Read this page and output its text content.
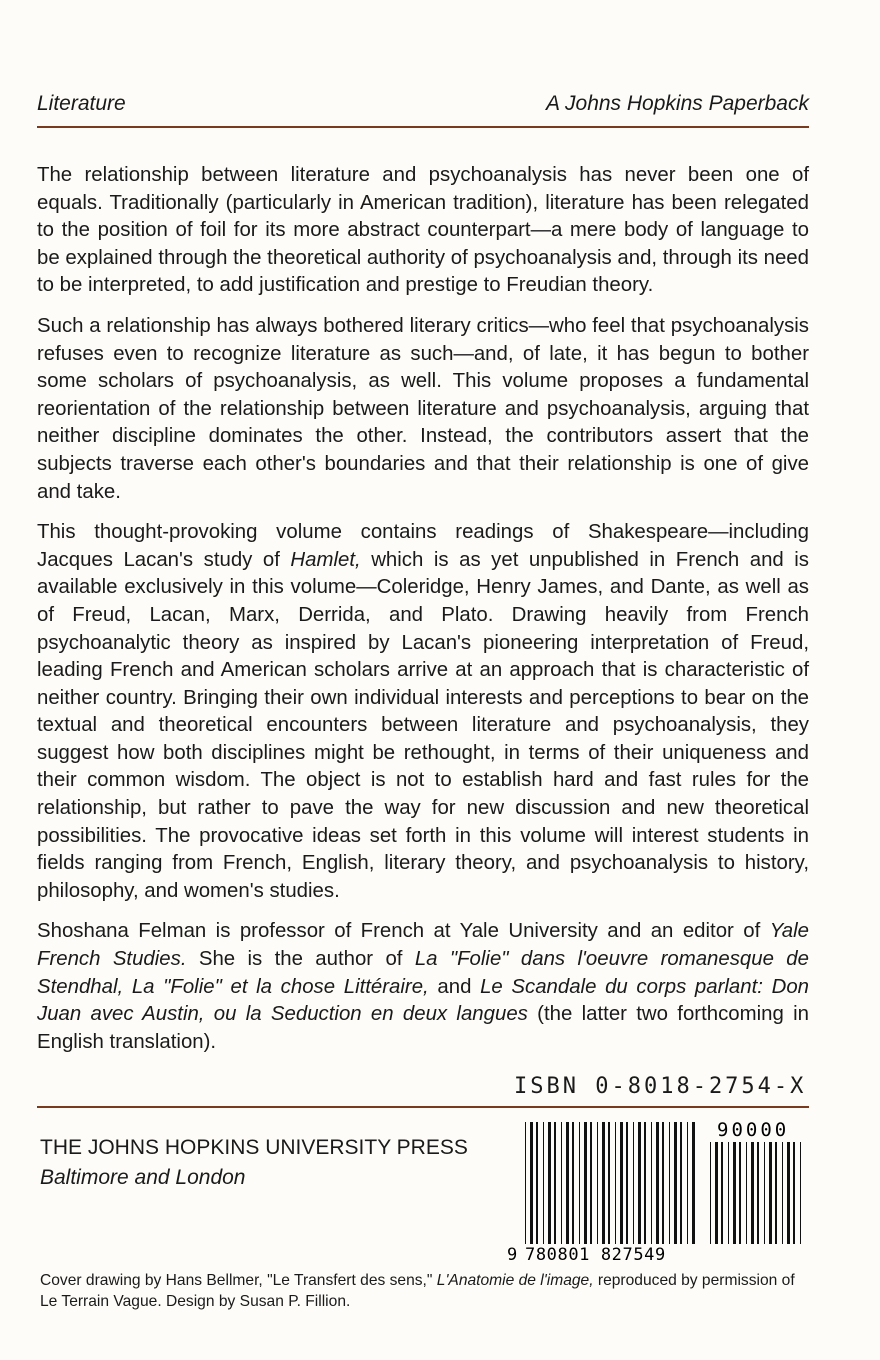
Literature	A Johns Hopkins Paperback

The relationship between literature and psychoanalysis has never been one of equals. Traditionally (particularly in American tradition), literature has been relegated to the position of foil for its more abstract counterpart—a mere body of language to be explained through the theoretical authority of psychoanalysis and, through its need to be interpreted, to add justification and prestige to Freudian theory.

Such a relationship has always bothered literary critics—who feel that psychoanalysis refuses even to recognize literature as such—and, of late, it has begun to bother some scholars of psychoanalysis, as well. This volume proposes a fundamental reorientation of the relationship between literature and psychoanalysis, arguing that neither discipline dominates the other. Instead, the contributors assert that the subjects traverse each other's boundaries and that their relationship is one of give and take.

This thought-provoking volume contains readings of Shakespeare—including Jacques Lacan's study of Hamlet, which is as yet unpublished in French and is available exclusively in this volume—Coleridge, Henry James, and Dante, as well as of Freud, Lacan, Marx, Derrida, and Plato. Drawing heavily from French psychoanalytic theory as inspired by Lacan's pioneering interpretation of Freud, leading French and American scholars arrive at an approach that is characteristic of neither country. Bringing their own individual interests and perceptions to bear on the textual and theoretical encounters between literature and psychoanalysis, they suggest how both disciplines might be rethought, in terms of their uniqueness and their common wisdom. The object is not to establish hard and fast rules for the relationship, but rather to pave the way for new discussion and new theoretical possibilities. The provocative ideas set forth in this volume will interest students in fields ranging from French, English, literary theory, and psychoanalysis to history, philosophy, and women's studies.

Shoshana Felman is professor of French at Yale University and an editor of Yale French Studies. She is the author of La "Folie" dans l'oeuvre romanesque de Stendhal, La "Folie" et la chose Littéraire, and Le Scandale du corps parlant: Don Juan avec Austin, ou la Seduction en deux langues (the latter two forthcoming in English translation).

ISBN 0-8018-2754-X
THE JOHNS HOPKINS UNIVERSITY PRESS
Baltimore and London
9 780801 827549
90000
Cover drawing by Hans Bellmer, "Le Transfert des sens," L'Anatomie de l'image, reproduced by permission of Le Terrain Vague. Design by Susan P. Fillion.
